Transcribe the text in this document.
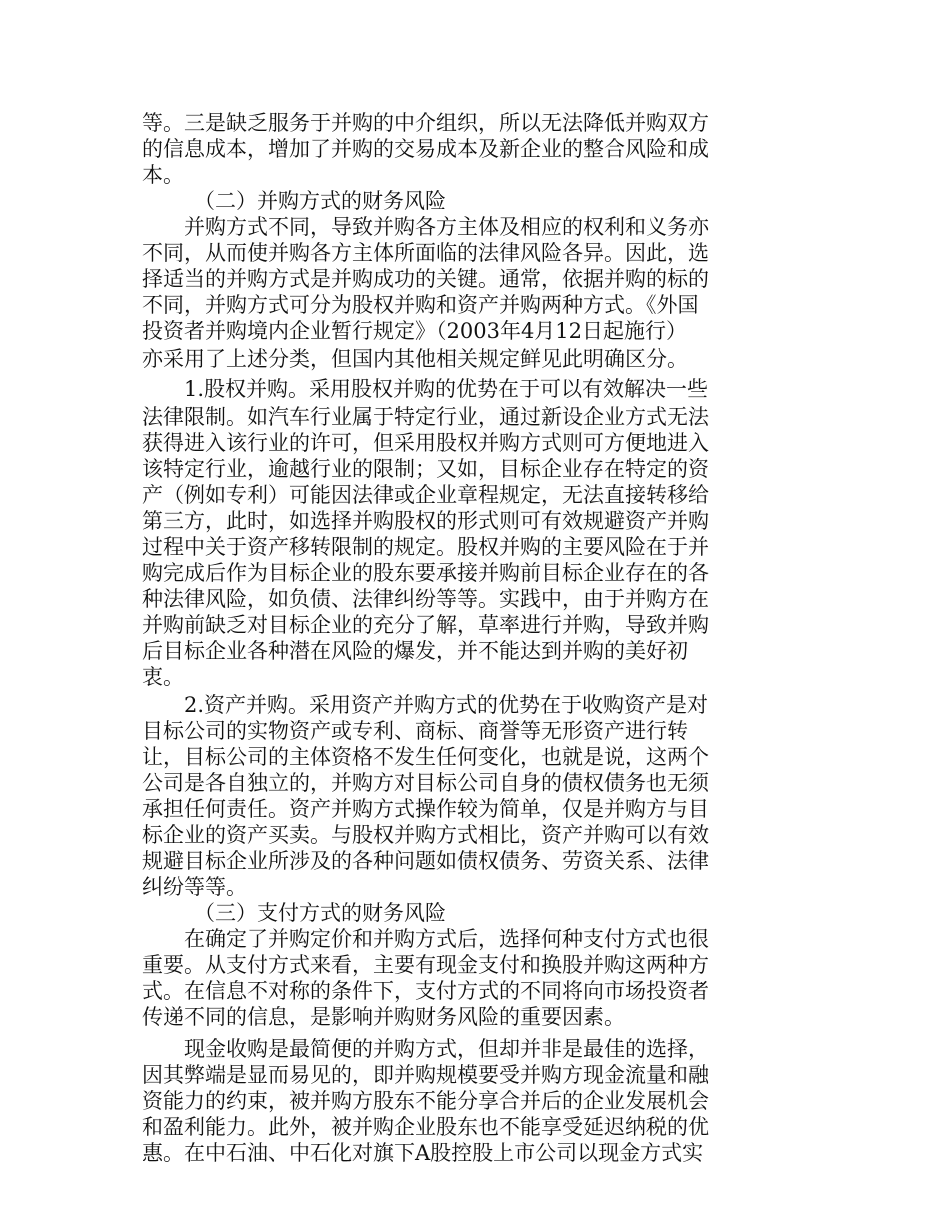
等。三是缺乏服务于并购的中介组织，所以无法降低并购双方
的信息成本，增加了并购的交易成本及新企业的整合风险和成
本。
（二）并购方式的财务风险
并购方式不同，导致并购各方主体及相应的权利和义务亦
不同，从而使并购各方主体所面临的法律风险各异。因此，选
择适当的并购方式是并购成功的关键。通常，依据并购的标的
不同，并购方式可分为股权并购和资产并购两种方式。《外国
投资者并购境内企业暂行规定》（2003年4月12日起施行）
亦采用了上述分类，但国内其他相关规定鲜见此明确区分。
1.股权并购。采用股权并购的优势在于可以有效解决一些
法律限制。如汽车行业属于特定行业，通过新设企业方式无法
获得进入该行业的许可，但采用股权并购方式则可方便地进入
该特定行业，逾越行业的限制；又如，目标企业存在特定的资
产（例如专利）可能因法律或企业章程规定，无法直接转移给
第三方，此时，如选择并购股权的形式则可有效规避资产并购
过程中关于资产移转限制的规定。股权并购的主要风险在于并
购完成后作为目标企业的股东要承接并购前目标企业存在的各
种法律风险，如负债、法律纠纷等等。实践中，由于并购方在
并购前缺乏对目标企业的充分了解，草率进行并购，导致并购
后目标企业各种潜在风险的爆发，并不能达到并购的美好初
衷。
2.资产并购。采用资产并购方式的优势在于收购资产是对
目标公司的实物资产或专利、商标、商誉等无形资产进行转
让，目标公司的主体资格不发生任何变化，也就是说，这两个
公司是各自独立的，并购方对目标公司自身的债权债务也无须
承担任何责任。资产并购方式操作较为简单，仅是并购方与目
标企业的资产买卖。与股权并购方式相比，资产并购可以有效
规避目标企业所涉及的各种问题如债权债务、劳资关系、法律
纠纷等等。
（三）支付方式的财务风险
在确定了并购定价和并购方式后，选择何种支付方式也很
重要。从支付方式来看，主要有现金支付和换股并购这两种方
式。在信息不对称的条件下，支付方式的不同将向市场投资者
传递不同的信息，是影响并购财务风险的重要因素。
现金收购是最简便的并购方式，但却并非是最佳的选择，
因其弊端是显而易见的，即并购规模要受并购方现金流量和融
资能力的约束，被并购方股东不能分享合并后的企业发展机会
和盈利能力。此外，被并购企业股东也不能享受延迟纳税的优
惠。在中石油、中石化对旗下A股控股上市公司以现金方式实
